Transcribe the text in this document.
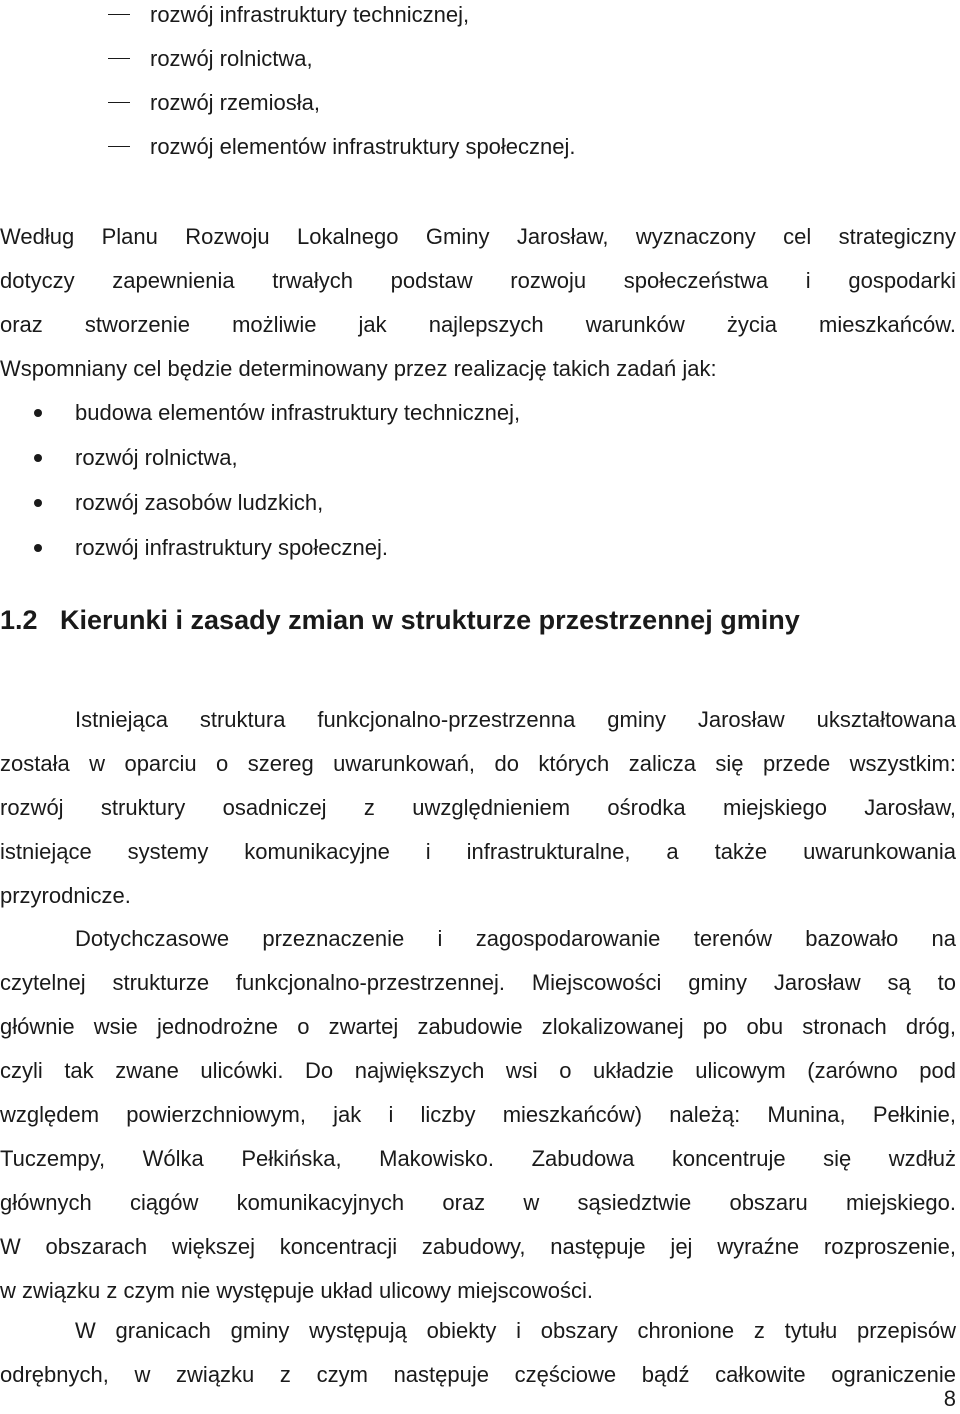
rozwój infrastruktury technicznej,
rozwój rolnictwa,
rozwój rzemiosła,
rozwój elementów infrastruktury społecznej.
Według Planu Rozwoju Lokalnego Gminy Jarosław, wyznaczony cel strategiczny
dotyczy zapewnienia trwałych podstaw rozwoju społeczeństwa i gospodarki
oraz stworzenie możliwie jak najlepszych warunków życia mieszkańców.
Wspomniany cel będzie determinowany przez realizację takich zadań jak:
budowa elementów infrastruktury technicznej,
rozwój rolnictwa,
rozwój zasobów ludzkich,
rozwój infrastruktury społecznej.
1.2 Kierunki i zasady zmian w strukturze przestrzennej gminy
Istniejąca struktura funkcjonalno-przestrzenna gminy Jarosław ukształtowana
została w oparciu o szereg uwarunkowań, do których zalicza się przede wszystkim:
rozwój struktury osadniczej z uwzględnieniem ośrodka miejskiego Jarosław,
istniejące systemy komunikacyjne i infrastrukturalne, a także uwarunkowania
przyrodnicze.
Dotychczasowe przeznaczenie i zagospodarowanie terenów bazowało na
czytelnej strukturze funkcjonalno-przestrzennej. Miejscowości gminy Jarosław są to
głównie wsie jednodrożne o zwartej zabudowie zlokalizowanej po obu stronach dróg,
czyli tak zwane ulicówki. Do największych wsi o układzie ulicowym (zarówno pod
względem powierzchniowym, jak i liczby mieszkańców) należą: Munina, Pełkinie,
Tuczempy, Wólka Pełkińska, Makowisko. Zabudowa koncentruje się wzdłuż
głównych ciągów komunikacyjnych oraz w sąsiedztwie obszaru miejskiego.
W obszarach większej koncentracji zabudowy, następuje jej wyraźne rozproszenie,
w związku z czym nie występuje układ ulicowy miejscowości.
W granicach gminy występują obiekty i obszary chronione z tytułu przepisów
odrębnych, w związku z czym następuje częściowe bądź całkowite ograniczenie
8
